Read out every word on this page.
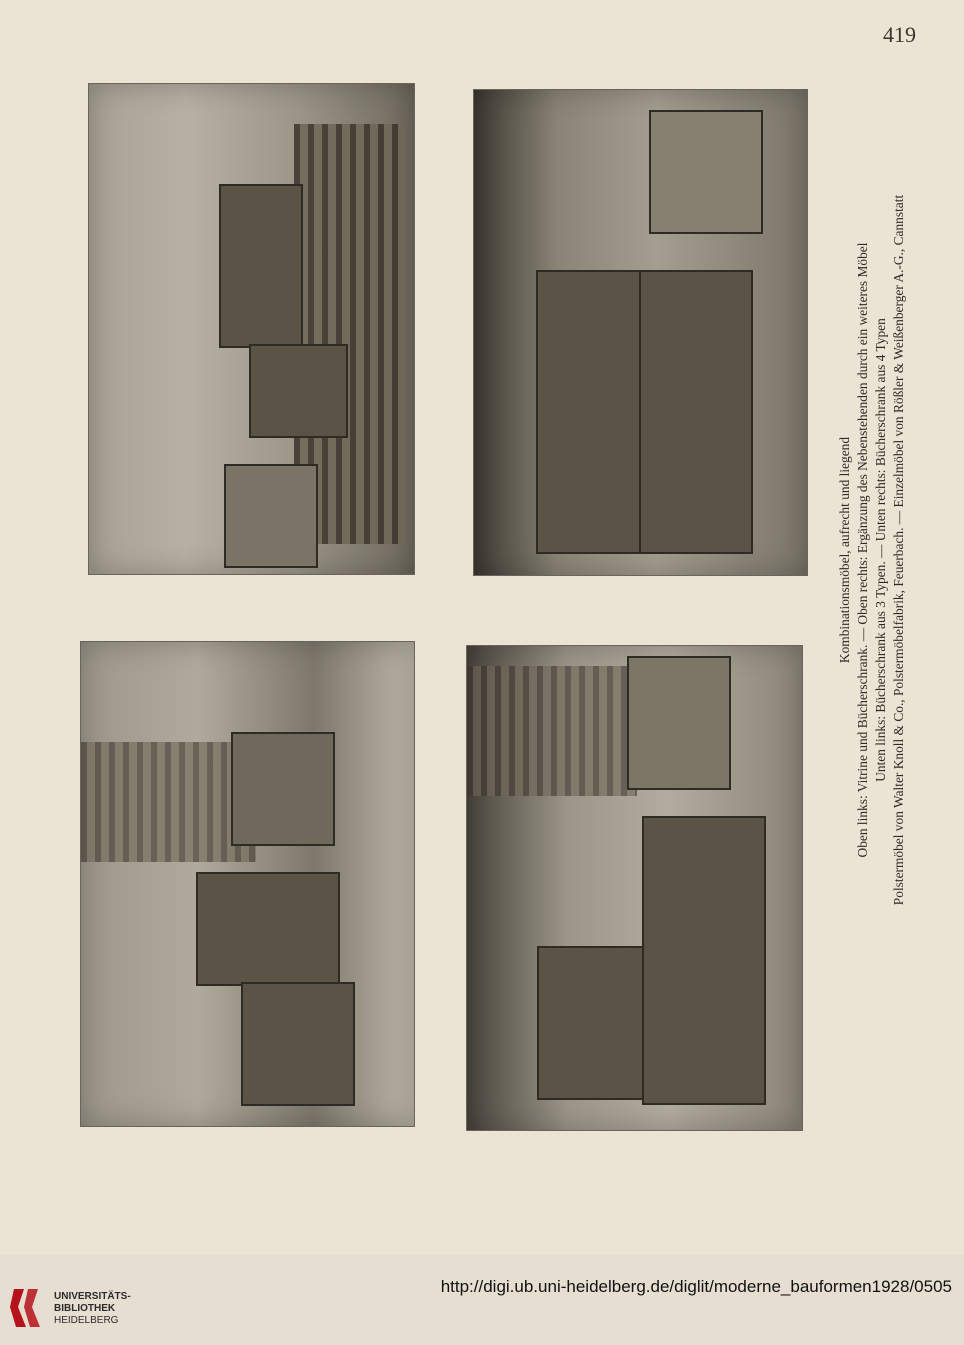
419
Kombinationsmöbel, aufrecht und liegend Oben links: Vitrine und Bücherschrank. — Oben rechts: Ergänzung des Nebenstehenden durch ein weiteres Möbel Unten links: Bücherschrank aus 3 Typen. — Unten rechts: Bücherschrank aus 4 Typen Polstermöbel von Walter Knoll & Co., Polstermöbelfabrik, Feuerbach. — Einzelmöbel von Rößler & Weißenberger A.-G., Cannstatt
UNIVERSITÄTS-
BIBLIOTHEK
HEIDELBERG
http://digi.ub.uni-heidelberg.de/diglit/moderne_bauformen1928/0505
